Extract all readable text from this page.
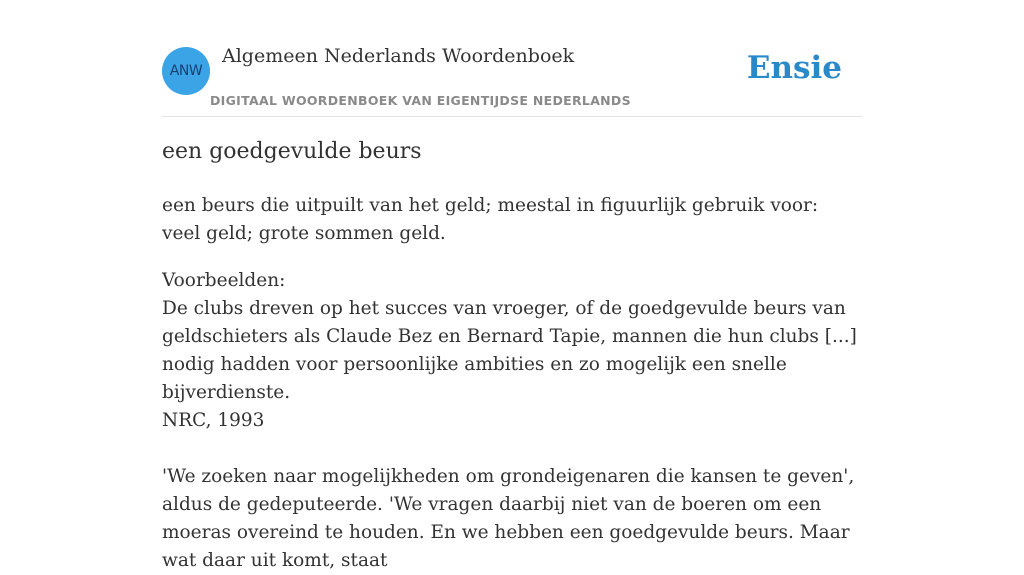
ANW
Algemeen Nederlands Woordenboek
DIGITAAL WOORDENBOEK VAN EIGENTIJDSE NEDERLANDS
Ensie
een goedgevulde beurs

een beurs die uitpuilt van het geld; meestal in figuurlijk gebruik voor: veel geld; grote sommen geld.

Voorbeelden:
De clubs dreven op het succes van vroeger, of de goedgevulde beurs van geldschieters als Claude Bez en Bernard Tapie, mannen die hun clubs [...] nodig hadden voor persoonlijke ambities en zo mogelijk een snelle bijverdienste.
NRC, 1993
'We zoeken naar mogelijkheden om grondeigenaren die kansen te geven', aldus de gedeputeerde. 'We vragen daarbij niet van de boeren om een moeras overeind te houden. En we hebben een goedgevulde beurs. Maar wat daar uit komt, staat
